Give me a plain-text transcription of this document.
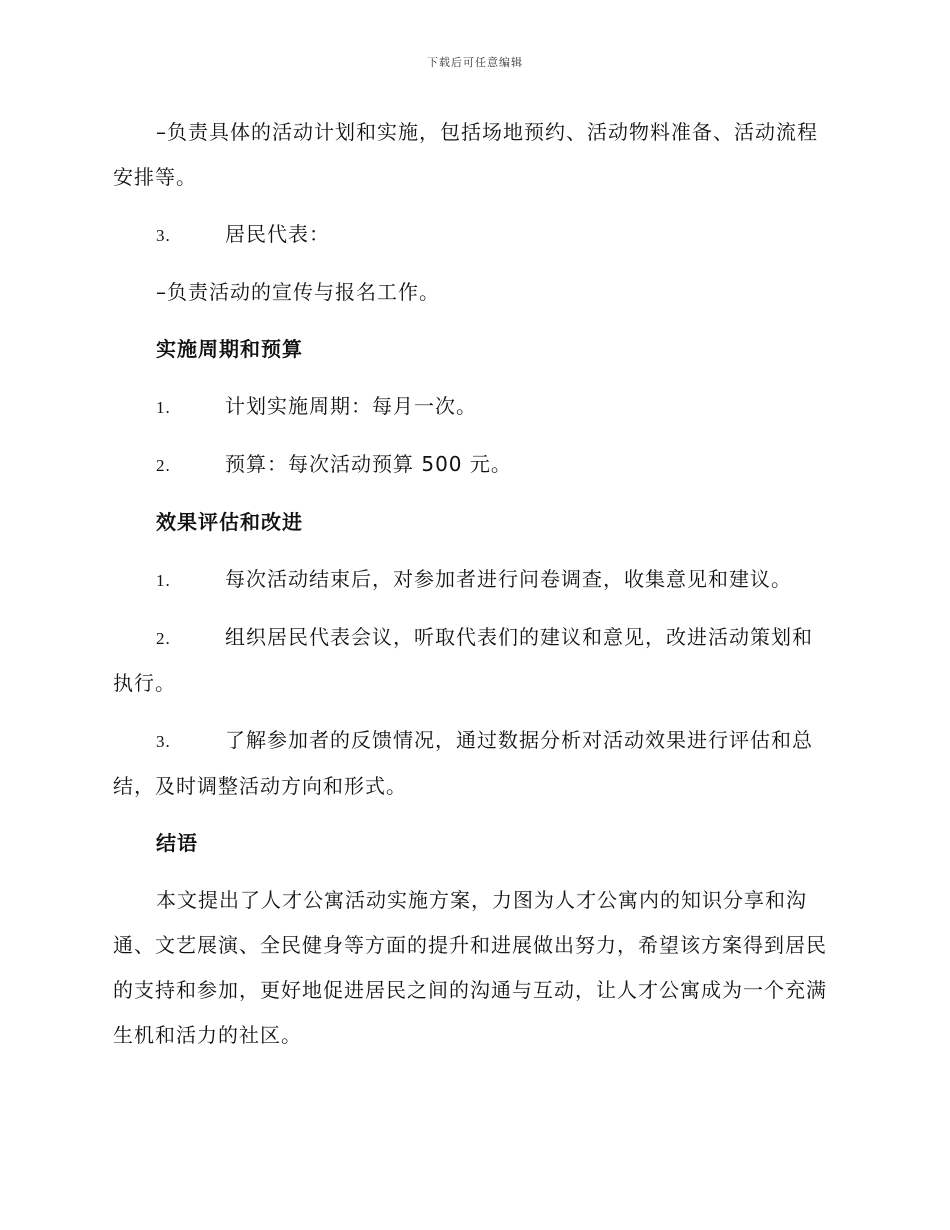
下载后可任意编辑

–负责具体的活动计划和实施，包括场地预约、活动物料准备、活动流程安排等。

3.	居民代表：

–负责活动的宣传与报名工作。

实施周期和预算

1.	计划实施周期：每月一次。

2.	预算：每次活动预算 500 元。

效果评估和改进

1.	每次活动结束后，对参加者进行问卷调查，收集意见和建议。

2.	组织居民代表会议，听取代表们的建议和意见，改进活动策划和执行。

3.	了解参加者的反馈情况，通过数据分析对活动效果进行评估和总结，及时调整活动方向和形式。

结语

本文提出了人才公寓活动实施方案，力图为人才公寓内的知识分享和沟通、文艺展演、全民健身等方面的提升和进展做出努力，希望该方案得到居民的支持和参加，更好地促进居民之间的沟通与互动，让人才公寓成为一个充满生机和活力的社区。
